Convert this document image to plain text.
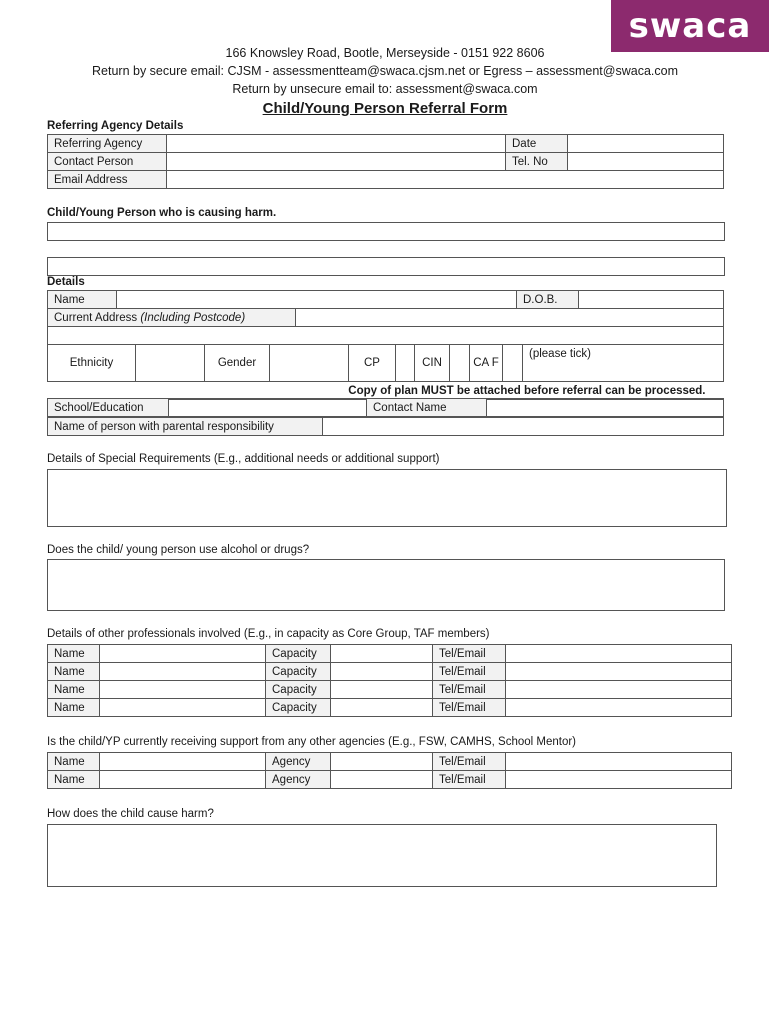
swaca
166 Knowsley Road, Bootle, Merseyside - 0151 922 8606
Return by secure email: CJSM - assessmentteam@swaca.cjsm.net or Egress – assessment@swaca.com
Return by unsecure email to: assessment@swaca.com
Child/Young Person Referral Form
Referring Agency Details
Referring Agency		Date	
Contact Person		Tel. No	
Email Address			
Child/Young Person who is causing harm.
Details
Name		D.O.B.	
Current Address (Including Postcode)	

Ethnicity		Gender		CP		CIN		CA F		(please tick)
Copy of plan MUST be attached before referral can be processed.
School/Education		Contact Name	
Name of person with parental responsibility	
Details of Special Requirements (E.g., additional needs or additional support)
Does the child/ young person use alcohol or drugs?
Details of other professionals involved (E.g., in capacity as Core Group, TAF members)
Name		Capacity		Tel/Email	
Name		Capacity		Tel/Email	
Name		Capacity		Tel/Email	
Name		Capacity		Tel/Email	
Is the child/YP currently receiving support from any other agencies (E.g., FSW, CAMHS, School Mentor)
Name		Agency		Tel/Email	
Name		Agency		Tel/Email	
How does the child cause harm?
